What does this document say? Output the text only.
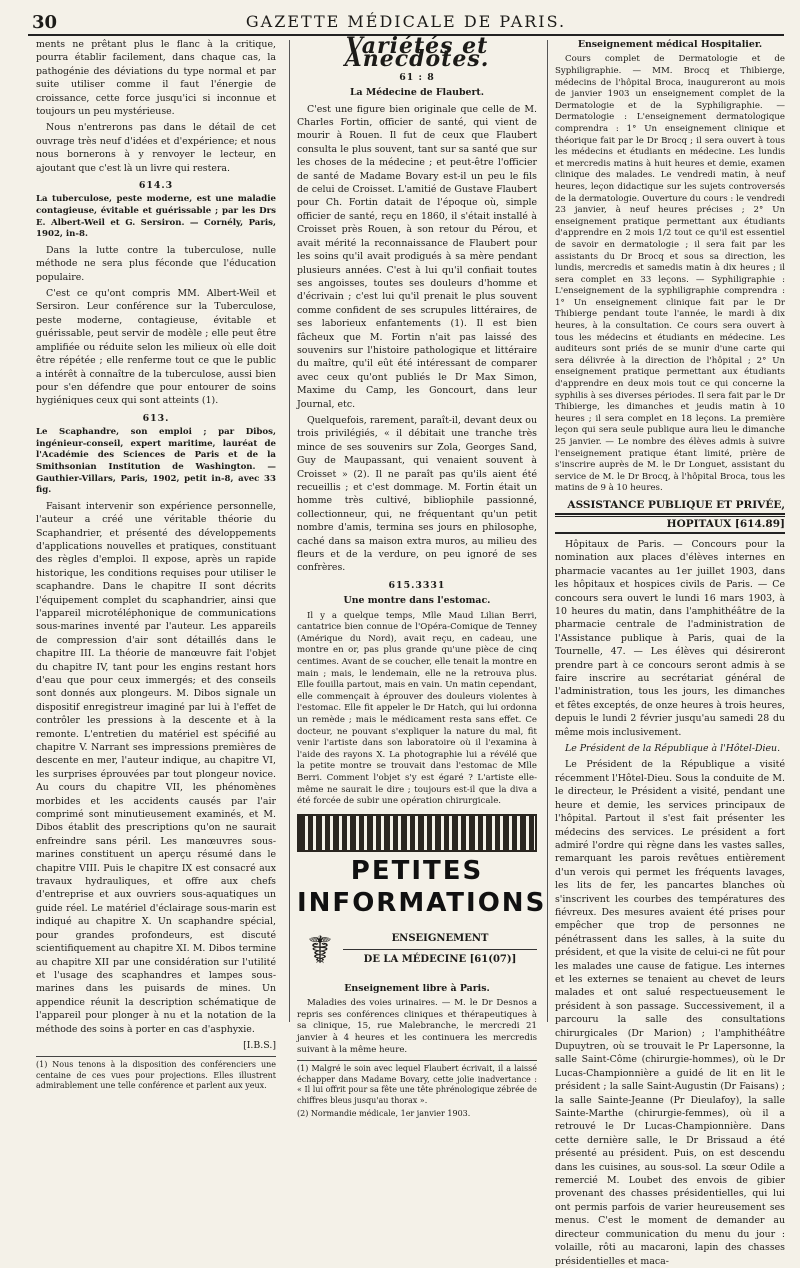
30	GAZETTE MÉDICALE DE PARIS.

ments ne prêtant plus le flanc à la critique, pourra établir facilement, dans chaque cas, la pathogénie des déviations du type normal et par suite utiliser comme il faut l'énergie de croissance, cette force jusqu'ici si inconnue et toujours un peu mystérieuse.

Nous n'entrerons pas dans le détail de cet ouvrage très neuf d'idées et d'expérience; et nous nous bornerons à y renvoyer le lecteur, en ajoutant que c'est là un livre qui restera.

614.3

La tuberculose, peste moderne, est une maladie contagieuse, évitable et guérissable ; par les Drs E. Albert-Weil et G. Sersiron. — Cornély, Paris, 1902, in-8.

Dans la lutte contre la tuberculose, nulle méthode ne sera plus féconde que l'éducation populaire.

C'est ce qu'ont compris MM. Albert-Weil et Sersiron. Leur conférence sur la Tuberculose, peste moderne, contagieuse, évitable et guérissable, peut servir de modèle ; elle peut être amplifiée ou réduite selon les milieux où elle doit être répétée ; elle renferme tout ce que le public a intérêt à connaître de la tuberculose, aussi bien pour s'en défendre que pour entourer de soins hygiéniques ceux qui sont atteints (1).

613.

Le Scaphandre, son emploi ; par Dibos, ingénieur-conseil, expert maritime, lauréat de l'Académie des Sciences de Paris et de la Smithsonian Institution de Washington. — Gauthier-Villars, Paris, 1902, petit in-8, avec 33 fig.

Faisant intervenir son expérience personnelle, l'auteur a créé une véritable théorie du Scaphandrier, et présenté des développements d'applications nouvelles et pratiques, constituant des règles d'emploi. Il expose, après un rapide historique, les conditions requises pour utiliser le scaphandre. Dans le chapitre II sont décrits l'équipement complet du scaphandrier, ainsi que l'appareil microtéléphonique de communications sous-marines inventé par l'auteur. Les appareils de compression d'air sont détaillés dans le chapitre III. La théorie de manœuvre fait l'objet du chapitre IV, tant pour les engins restant hors d'eau que pour ceux immergés; et des conseils sont donnés aux plongeurs. M. Dibos signale un dispositif enregistreur imaginé par lui à l'effet de contrôler les pressions à la descente et à la remonte. L'entretien du matériel est spécifié au chapitre V. Narrant ses impressions premières de descente en mer, l'auteur indique, au chapitre VI, les surprises éprouvées par tout plongeur novice. Au cours du chapitre VII, les phénomènes morbides et les accidents causés par l'air comprimé sont minutieusement examinés, et M. Dibos établit des prescriptions qu'on ne saurait enfreindre sans péril. Les manœuvres sous-marines constituent un aperçu résumé dans le chapitre VIII. Puis le chapitre IX est consacré aux travaux hydrauliques, et offre aux chefs d'entreprise et aux ouvriers sous-aquatiques un guide réel. Le matériel d'éclairage sous-marin est indiqué au chapitre X. Un scaphandre spécial, pour grandes profondeurs, est discuté scientifiquement au chapitre XI. M. Dibos termine au chapitre XII par une considération sur l'utilité et l'usage des scaphandres et lampes sous-marines dans les puisards de mines. Un appendice réunit la description schématique de l'appareil pour plonger à nu et la notation de la méthode des soins à porter en cas d'asphyxie.

[I.B.S.]

(1) Nous tenons à la disposition des conférenciers une centaine de ces vues pour projections. Elles illustrent admirablement une telle conférence et parlent aux yeux.
Variétés et Anecdotes.
61 : 8

La Médecine de Flaubert.

C'est une figure bien originale que celle de M. Charles Fortin, officier de santé, qui vient de mourir à Rouen. Il fut de ceux que Flaubert consulta le plus souvent, tant sur sa santé que sur les choses de la médecine ; et peut-être l'officier de santé de Madame Bovary est-il un peu le fils de celui de Croisset. L'amitié de Gustave Flaubert pour Ch. Fortin datait de l'époque où, simple officier de santé, reçu en 1860, il s'était installé à Croisset près Rouen, à son retour du Pérou, et avait mérité la reconnaissance de Flaubert pour les soins qu'il avait prodigués à sa mère pendant plusieurs années. C'est à lui qu'il confiait toutes ses angoisses, toutes ses douleurs d'homme et d'écrivain ; c'est lui qu'il prenait le plus souvent comme confident de ses scrupules littéraires, de ses laborieux enfantements (1). Il est bien fâcheux que M. Fortin n'ait pas laissé des souvenirs sur l'histoire pathologique et littéraire du maître, qu'il eût été intéressant de comparer avec ceux qu'ont publiés le Dr Max Simon, Maxime du Camp, les Goncourt, dans leur Journal, etc.

Quelquefois, rarement, paraît-il, devant deux ou trois privilégiés, « il débitait une tranche très mince de ses souvenirs sur Zola, Georges Sand, Guy de Maupassant, qui venaient souvent à Croisset » (2). Il ne paraît pas qu'ils aient été recueillis ; et c'est dommage. M. Fortin était un homme très cultivé, bibliophile passionné, collectionneur, qui, ne fréquentant qu'un petit nombre d'amis, termina ses jours en philosophe, caché dans sa maison extra muros, au milieu des fleurs et de la verdure, on peu ignoré de ses confrères.

615.3331

Une montre dans l'estomac.

Il y a quelque temps, Mlle Maud Lilian Berri, cantatrice bien connue de l'Opéra-Comique de Tenney (Amérique du Nord), avait reçu, en cadeau, une montre en or, pas plus grande qu'une pièce de cinq centimes. Avant de se coucher, elle tenait la montre en main ; mais, le lendemain, elle ne la retrouva plus. Elle fouilla partout, mais en vain. Un matin cependant, elle commençait à éprouver des douleurs violentes à l'estomac. Elle fit appeler le Dr Hatch, qui lui ordonna un remède ; mais le médicament resta sans effet. Ce docteur, ne pouvant s'expliquer la nature du mal, fit venir l'artiste dans son laboratoire où il l'examina à l'aide des rayons X. La photographie lui a révélé que la petite montre se trouvait dans l'estomac de Mlle Berri. Comment l'objet s'y est égaré ? L'artiste elle-même ne saurait le dire ; toujours est-il que la diva a été forcée de subir une opération chirurgicale.

PETITES
INFORMATIONS
☤	ENSEIGNEMENT
DE LA MÉDECINE [61(07)]

Enseignement libre à Paris.

Maladies des voies urinaires. — M. le Dr Desnos a repris ses conférences cliniques et thérapeutiques à sa clinique, 15, rue Malebranche, le mercredi 21 janvier à 4 heures et les continuera les mercredis suivant à la même heure.

(1) Malgré le soin avec lequel Flaubert écrivait, il a laissé échapper dans Madame Bovary, cette jolie inadvertance : « Il lui offrit pour sa fête une tête phrénologique zébrée de chiffres bleus jusqu'au thorax ».
(2) Normandie médicale, 1er janvier 1903.

Enseignement médical Hospitalier.

Cours complet de Dermatologie et de Syphiligraphie. — MM. Brocq et Thibierge, médecins de l'hôpital Broca, inaugureront au mois de janvier 1903 un enseignement complet de la Dermatologie et de la Syphiligraphie. — Dermatologie : L'enseignement dermatologique comprendra : 1° Un enseignement clinique et théorique fait par le Dr Brocq ; il sera ouvert à tous les médecins et étudiants en médecine. Les lundis et mercredis matins à huit heures et demie, examen clinique des malades. Le vendredi matin, à neuf heures, leçon didactique sur les sujets controversés de la dermatologie. Ouverture du cours : le vendredi 23 janvier, à neuf heures précises ; 2° Un enseignement pratique permettant aux étudiants d'apprendre en 2 mois 1/2 tout ce qu'il est essentiel de savoir en dermatologie ; il sera fait par les assistants du Dr Brocq et sous sa direction, les lundis, mercredis et samedis matin à dix heures ; il sera complet en 33 leçons. — Syphiligraphie : L'enseignement de la syphiligraphie comprendra : 1° Un enseignement clinique fait par le Dr Thibierge pendant toute l'année, le mardi à dix heures, à la consultation. Ce cours sera ouvert à tous les médecins et étudiants en médecine. Les auditeurs sont priés de se munir d'une carte qui sera délivrée à la direction de l'hôpital ; 2° Un enseignement pratique permettant aux étudiants d'apprendre en deux mois tout ce qui concerne la syphilis à ses diverses périodes. Il sera fait par le Dr Thibierge, les dimanches et jeudis matin à 10 heures ; il sera complet en 18 leçons. La première leçon qui sera seule publique aura lieu le dimanche 25 janvier. — Le nombre des élèves admis à suivre l'enseignement pratique étant limité, prière de s'inscrire auprès de M. le Dr Longuet, assistant du service de M. le Dr Brocq, à l'hôpital Broca, tous les matins de 9 à 10 heures.

ASSISTANCE PUBLIQUE ET PRIVÉE,
HOPITAUX [614.89]

Hôpitaux de Paris. — Concours pour la nomination aux places d'élèves internes en pharmacie vacantes au 1er juillet 1903, dans les hôpitaux et hospices civils de Paris. — Ce concours sera ouvert le lundi 16 mars 1903, à 10 heures du matin, dans l'amphithéâtre de la pharmacie centrale de l'administration de l'Assistance publique à Paris, quai de la Tournelle, 47. — Les élèves qui désireront prendre part à ce concours seront admis à se faire inscrire au secrétariat général de l'administration, tous les jours, les dimanches et fêtes exceptés, de onze heures à trois heures, depuis le lundi 2 février jusqu'au samedi 28 du même mois inclusivement.

Le Président de la République à l'Hôtel-Dieu.

Le Président de la République a visité récemment l'Hôtel-Dieu. Sous la conduite de M. le directeur, le Président a visité, pendant une heure et demie, les services principaux de l'hôpital. Partout il s'est fait présenter les médecins des services. Le président a fort admiré l'ordre qui règne dans les vastes salles, remarquant les parois revêtues entièrement d'un verois qui permet les fréquents lavages, les lits de fer, les pancartes blanches où s'inscrivent les courbes des températures des fiévreux. Des mesures avaient été prises pour empêcher que trop de personnes ne pénétrassent dans les salles, à la suite du président, et que la visite de celui-ci ne fût pour les malades une cause de fatigue. Les internes et les externes se tenaient au chevet de leurs malades et ont salué respectueusement le président à son passage. Successivement, il a parcouru la salle des consultations chirurgicales (Dr Marion) ; l'amphithéâtre Dupuytren, où se trouvait le Pr Lapersonne, la salle Saint-Côme (chirurgie-hommes), où le Dr Lucas-Championnière a guidé de lit en lit le président ; la salle Saint-Augustin (Dr Faisans) ; la salle Sainte-Jeanne (Pr Dieulafoy), la salle Sainte-Marthe (chirurgie-femmes), où il a retrouvé le Dr Lucas-Championnière. Dans cette dernière salle, le Dr Brissaud a été présenté au président. Puis, on est descendu dans les cuisines, au sous-sol. La sœur Odile a remercié M. Loubet des envois de gibier provenant des chasses présidentielles, qui lui ont permis parfois de varier heureusement ses menus. C'est le moment de demander au directeur communication du menu du jour : volaille, rôti au macaroni, lapin des chasses présidentielles et maca-
